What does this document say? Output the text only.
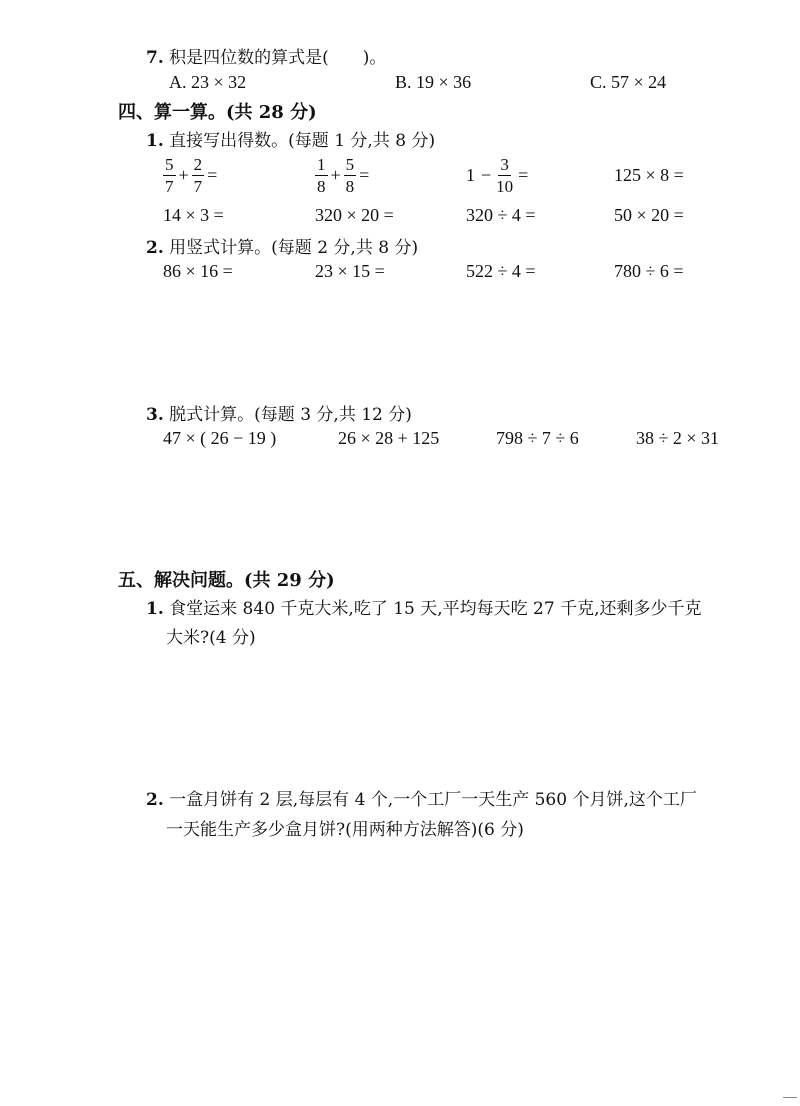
7. 积是四位数的算式是(　　)。
A. 23 × 32	B. 19 × 36	C. 57 × 24
四、算一算。(共 28 分)
1. 直接写出得数。(每题 1 分,共 8 分)
$\frac{5}{7} + \frac{2}{7}$ =	$\frac{1}{8} + \frac{5}{8}$ =	$1 - \frac{3}{10}$ =	125 × 8 =
14 × 3 =	320 × 20 =	320 ÷ 4 =	50 × 20 =
2. 用竖式计算。(每题 2 分,共 8 分)
86 × 16 =	23 × 15 =	522 ÷ 4 =	780 ÷ 6 =
3. 脱式计算。(每题 3 分,共 12 分)
47 × ( 26 − 19 )	26 × 28 + 125	798 ÷ 7 ÷ 6	38 ÷ 2 × 31
五、解决问题。(共 29 分)
1. 食堂运来 840 千克大米,吃了 15 天,平均每天吃 27 千克,还剩多少千克
大米?(4 分)
2. 一盒月饼有 2 层,每层有 4 个,一个工厂一天生产 560 个月饼,这个工厂
一天能生产多少盒月饼?(用两种方法解答)(6 分)
